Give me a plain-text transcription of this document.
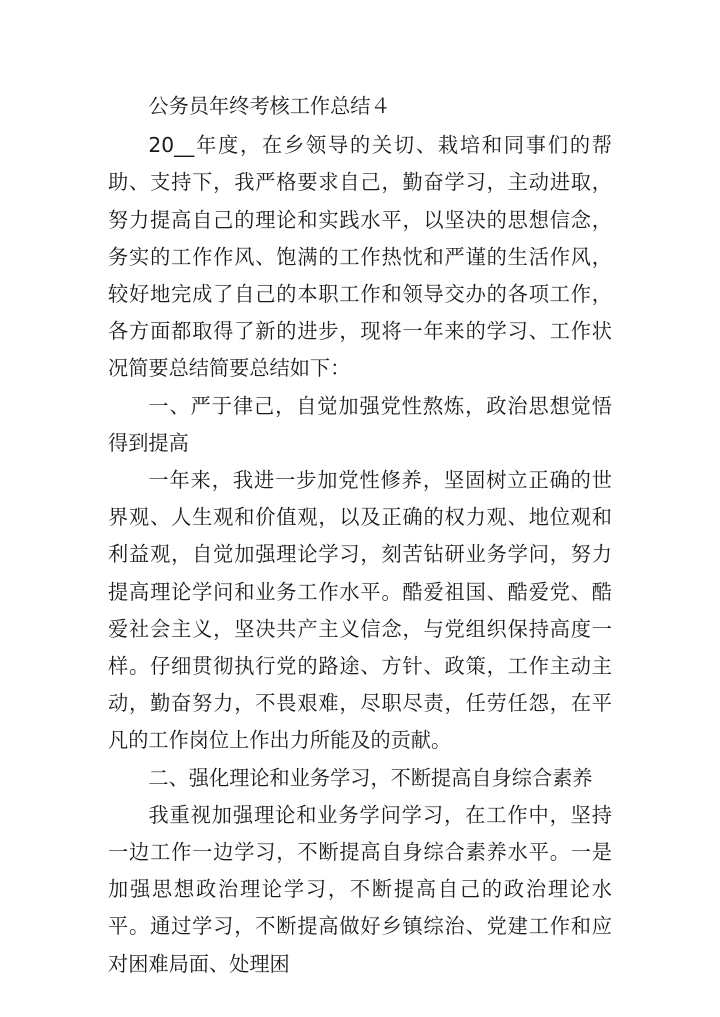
公务员年终考核工作总结４

20__年度，在乡领导的关切、栽培和同事们的帮助、支持下，我严格要求自己，勤奋学习，主动进取，努力提高自己的理论和实践水平，以坚决的思想信念，务实的工作作风、饱满的工作热忱和严谨的生活作风，较好地完成了自己的本职工作和领导交办的各项工作，各方面都取得了新的进步，现将一年来的学习、工作状况简要总结简要总结如下：

一、严于律己，自觉加强党性熬炼，政治思想觉悟得到提高

一年来，我进一步加党性修养，坚固树立正确的世界观、人生观和价值观，以及正确的权力观、地位观和利益观，自觉加强理论学习，刻苦钻研业务学问，努力提高理论学问和业务工作水平。酷爱祖国、酷爱党、酷爱社会主义，坚决共产主义信念，与党组织保持高度一样。仔细贯彻执行党的路途、方针、政策，工作主动主动，勤奋努力，不畏艰难，尽职尽责，任劳任怨，在平凡的工作岗位上作出力所能及的贡献。

二、强化理论和业务学习，不断提高自身综合素养

我重视加强理论和业务学问学习，在工作中，坚持一边工作一边学习，不断提高自身综合素养水平。一是加强思想政治理论学习，不断提高自己的政治理论水平。通过学习，不断提高做好乡镇综治、党建工作和应对困难局面、处理困
